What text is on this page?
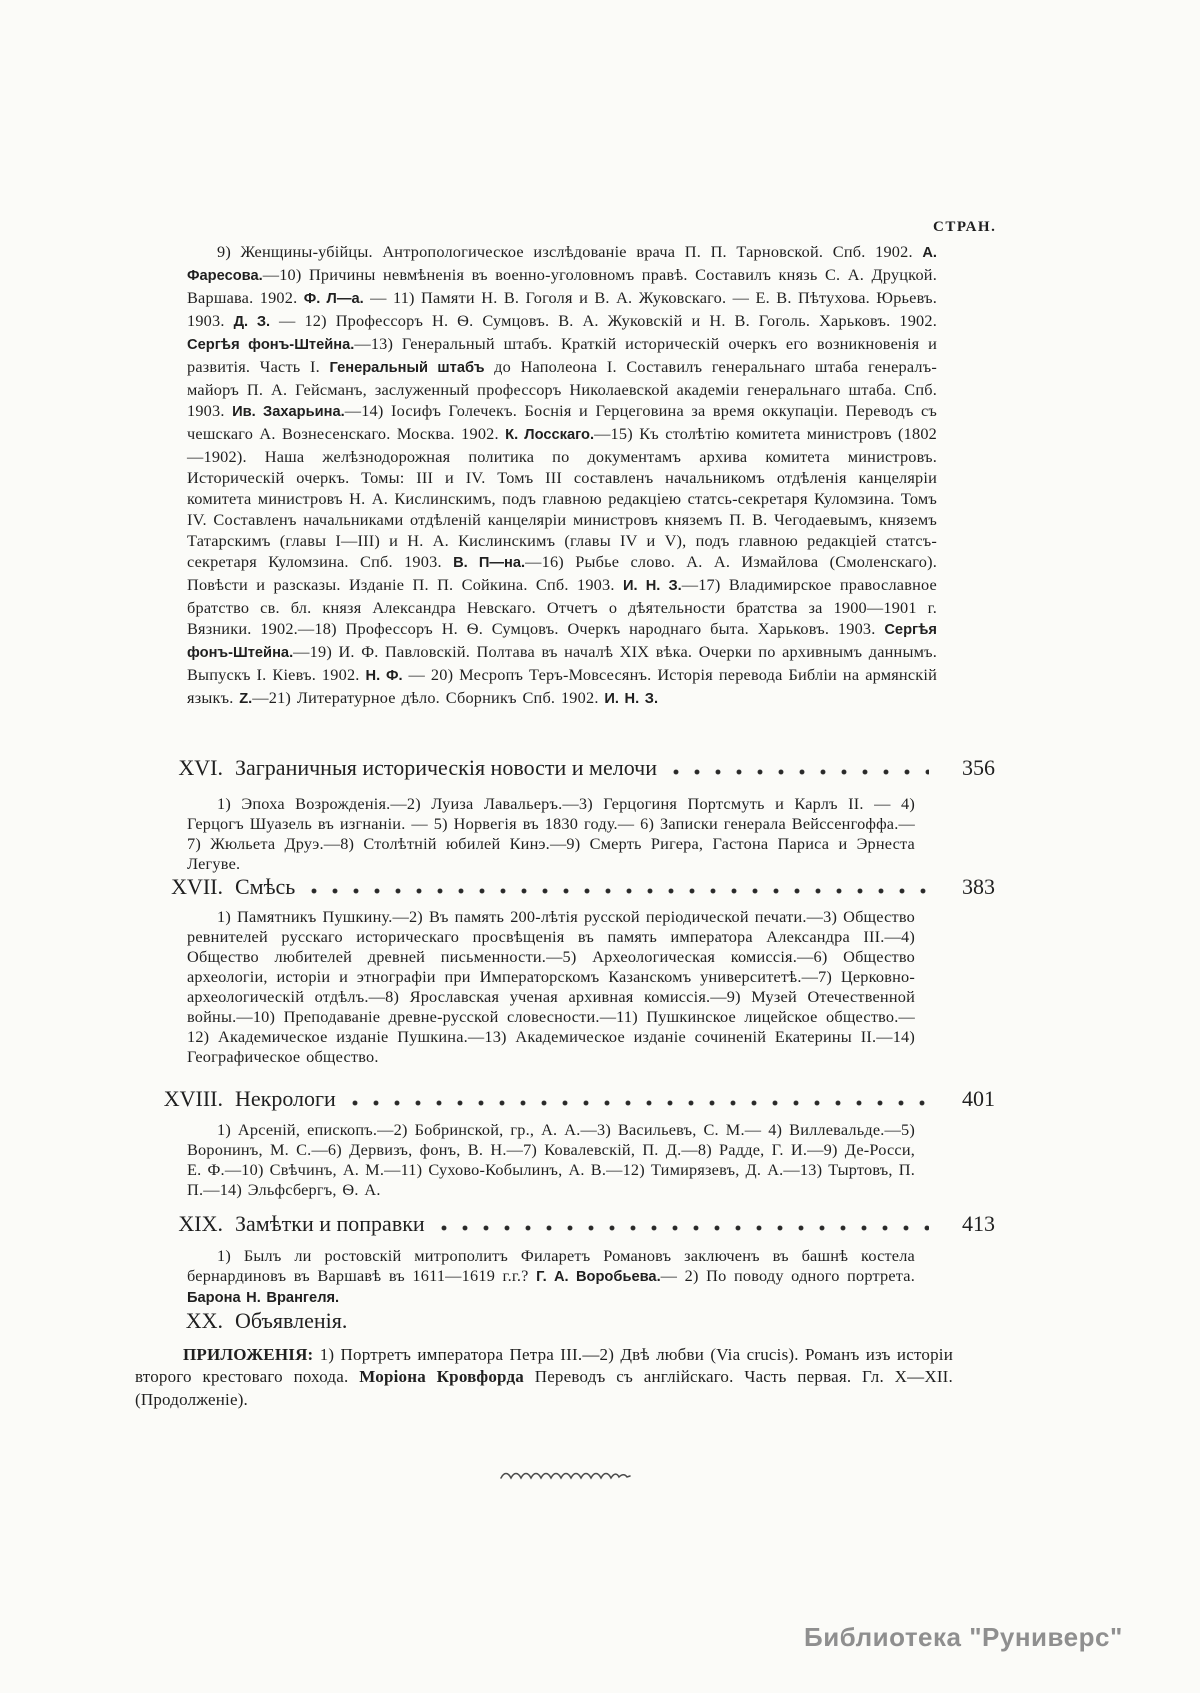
СТРАН.

9) Женщины-убійцы. Антропологическое изслѣдованіе врача П. П. Тарновской. Спб. 1902. А. Фаресова.—10) Причины невмѣненія въ военно-уголовномъ правѣ. Составилъ князь С. А. Друцкой. Варшава. 1902. Ф. Л—а. — 11) Памяти Н. В. Гоголя и В. А. Жуковскаго. — Е. В. Пѣтухова. Юрьевъ. 1903. Д. З. — 12) Профессоръ Н. Ѳ. Сумцовъ. В. А. Жуковскій и Н. В. Гоголь. Харьковъ. 1902. Сергѣя фонъ-Штейна.—13) Генеральный штабъ. Краткій историческій очеркъ его возникновенія и развитія. Часть I. Генеральный штабъ до Наполеона I. Составилъ генеральнаго штаба генералъ-майоръ П. А. Гейсманъ, заслуженный профессоръ Николаевской академіи генеральнаго штаба. Спб. 1903. Ив. Захарьина.—14) Іосифъ Голечекъ. Боснія и Герцеговина за время оккупаціи. Переводъ съ чешскаго А. Вознесенскаго. Москва. 1902. К. Лосскаго.—15) Къ столѣтію комитета министровъ (1802—1902). Наша желѣзнодорожная политика по документамъ архива комитета министровъ. Историческій очеркъ. Томы: III и IV. Томъ III составленъ начальникомъ отдѣленія канцеляріи комитета министровъ Н. А. Кислинскимъ, подъ главною редакціею статсь-секретаря Куломзина. Томъ IV. Составленъ начальниками отдѣленій канцеляріи министровъ княземъ П. В. Чегодаевымъ, княземъ Татарскимъ (главы I—III) и Н. А. Кислинскимъ (главы IV и V), подъ главною редакціей статсъ-секретаря Куломзина. Спб. 1903. В. П—на.—16) Рыбье слово. А. А. Измайлова (Смоленскаго). Повѣсти и разсказы. Изданіе П. П. Сойкина. Спб. 1903. И. Н. З.—17) Владимирское православное братство св. бл. князя Александра Невскаго. Отчетъ о дѣятельности братства за 1900—1901 г. Вязники. 1902.—18) Профессоръ Н. Ѳ. Сумцовъ. Очеркъ народнаго быта. Харьковъ. 1903. Сергѣя фонъ-Штейна.—19) И. Ф. Павловскій. Полтава въ началѣ XIX вѣка. Очерки по архивнымъ даннымъ. Выпускъ I. Кіевъ. 1902. Н. Ф. — 20) Месропъ Теръ-Мовсесянъ. Исторія перевода Библіи на армянскій языкъ. Z.—21) Литературное дѣло. Сборникъ Спб. 1902. И. Н. З.

XVI. Заграничныя историческія новости и мелочи	356

1) Эпоха Возрожденія.—2) Луиза Лавальеръ.—3) Герцогиня Портсмуть и Карлъ II. — 4) Герцогъ Шуазель въ изгнаніи. — 5) Норвегія въ 1830 году.— 6) Записки генерала Вейссенгоффа.—7) Жюльета Друэ.—8) Столѣтній юбилей Кинэ.—9) Смерть Ригера, Гастона Париса и Эрнеста Легуве.

XVII. Смѣсь	383

1) Памятникъ Пушкину.—2) Въ память 200-лѣтія русской періодической печати.—3) Общество ревнителей русскаго историческаго просвѣщенія въ память императора Александра III.—4) Общество любителей древней письменности.—5) Археологическая комиссія.—6) Общество археологіи, исторіи и этнографіи при Императорскомъ Казанскомъ университетѣ.—7) Церковно-археологическій отдѣлъ.—8) Ярославская ученая архивная комиссія.—9) Музей Отечественной войны.—10) Преподаваніе древне-русской словесности.—11) Пушкинское лицейское общество.—12) Академическое изданіе Пушкина.—13) Академическое изданіе сочиненій Екатерины II.—14) Географическое общество.

XVIII. Некрологи	401

1) Арсеній, епископъ.—2) Бобринской, гр., А. А.—3) Васильевъ, С. М.— 4) Виллевальде.—5) Воронинъ, М. С.—6) Дервизъ, фонъ, В. Н.—7) Ковалевскій, П. Д.—8) Радде, Г. И.—9) Де-Росси, Е. Ф.—10) Свѣчинъ, А. М.—11) Сухово-Кобылинъ, А. В.—12) Тимирязевъ, Д. А.—13) Тыртовъ, П. П.—14) Эльфсбергъ, Ѳ. А.

XIX. Замѣтки и поправки	413

1) Былъ ли ростовскій митрополитъ Филаретъ Романовъ заключенъ въ башнѣ костела бернардиновъ въ Варшавѣ въ 1611—1619 г.г.? Г. А. Воробьева.— 2) По поводу одного портрета. Барона Н. Врангеля.

XX. Объявленія.

ПРИЛОЖЕНІЯ: 1) Портретъ императора Петра III.—2) Двѣ любви (Via crucis). Романъ изъ исторіи второго крестоваго похода. Моріона Кровфорда Переводъ съ англійскаго. Часть первая. Гл. X—XII. (Продолженіе).

Библиотека "Руниверс"
